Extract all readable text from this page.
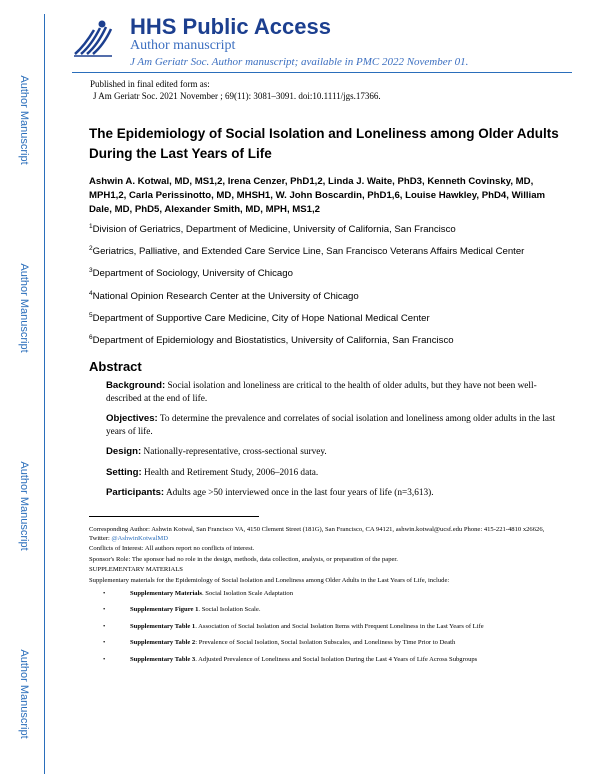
Author Manuscript
Author Manuscript
Author Manuscript
Author Manuscript
HHS Public Access
Author manuscript
J Am Geriatr Soc. Author manuscript; available in PMC 2022 November 01.
Published in final edited form as:
J Am Geriatr Soc. 2021 November ; 69(11): 3081–3091. doi:10.1111/jgs.17366.
The Epidemiology of Social Isolation and Loneliness among Older Adults During the Last Years of Life
Ashwin A. Kotwal, MD, MS1,2, Irena Cenzer, PhD1,2, Linda J. Waite, PhD3, Kenneth Covinsky, MD, MPH1,2, Carla Perissinotto, MD, MHSH1, W. John Boscardin, PhD1,6, Louise Hawkley, PhD4, William Dale, MD, PhD5, Alexander Smith, MD, MPH, MS1,2
$^1$Division of Geriatrics, Department of Medicine, University of California, San Francisco
$^2$Geriatrics, Palliative, and Extended Care Service Line, San Francisco Veterans Affairs Medical Center
$^3$Department of Sociology, University of Chicago
$^4$National Opinion Research Center at the University of Chicago
$^5$Department of Supportive Care Medicine, City of Hope National Medical Center
$^6$Department of Epidemiology and Biostatistics, University of California, San Francisco
Abstract
Background: Social isolation and loneliness are critical to the health of older adults, but they have not been well-described at the end of life.
Objectives: To determine the prevalence and correlates of social isolation and loneliness among older adults in the last years of life.
Design: Nationally-representative, cross-sectional survey.
Setting: Health and Retirement Study, 2006–2016 data.
Participants: Adults age >50 interviewed once in the last four years of life (n=3,613).

Corresponding Author: Ashwin Kotwal, San Francisco VA, 4150 Clement Street (181G), San Francisco, CA 94121, ashwin.kotwal@ucsf.edu Phone: 415-221-4810 x26626, Twitter: @AshwinKotwalMD

Conflicts of Interest: All authors report no conflicts of interest.

Sponsor's Role: The sponsor had no role in the design, methods, data collection, analysis, or preparation of the paper.

SUPPLEMENTARY MATERIALS

Supplementary materials for the Epidemiology of Social Isolation and Loneliness among Older Adults in the Last Years of Life, include:

•	Supplementary Materials. Social Isolation Scale Adaptation
•	Supplementary Figure 1. Social Isolation Scale.
•	Supplementary Table 1. Association of Social Isolation and Social Isolation Items with Frequent Loneliness in the Last Years of Life
•	Supplementary Table 2: Prevalence of Social Isolation, Social Isolation Subscales, and Loneliness by Time Prior to Death
•	Supplementary Table 3. Adjusted Prevalence of Loneliness and Social Isolation During the Last 4 Years of Life Across Subgroups
